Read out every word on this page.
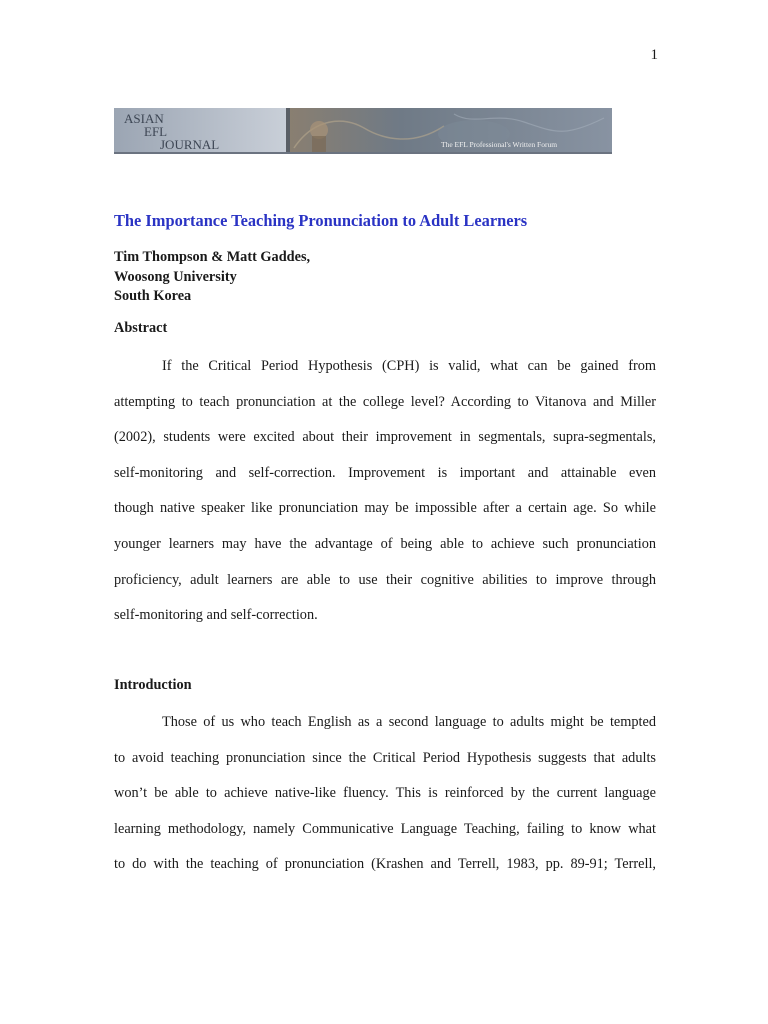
1
ASIAN
EFL
JOURNAL	The EFL Professional's Written Forum
The Importance Teaching Pronunciation to Adult Learners
Tim Thompson & Matt Gaddes,
Woosong University
South Korea
Abstract
If the Critical Period Hypothesis (CPH) is valid, what can be gained from
attempting to teach pronunciation at the college level? According to Vitanova and Miller
(2002), students were excited about their improvement in segmentals, supra-segmentals,
self-monitoring and self-correction. Improvement is important and attainable even
though native speaker like pronunciation may be impossible after a certain age. So while
younger learners may have the advantage of being able to achieve such pronunciation
proficiency, adult learners are able to use their cognitive abilities to improve through
self-monitoring and self-correction.
Introduction
Those of us who teach English as a second language to adults might be tempted
to avoid teaching pronunciation since the Critical Period Hypothesis suggests that adults
won’t be able to achieve native-like fluency. This is reinforced by the current language
learning methodology, namely Communicative Language Teaching, failing to know what
to do with the teaching of pronunciation (Krashen and Terrell, 1983, pp. 89-91; Terrell,
